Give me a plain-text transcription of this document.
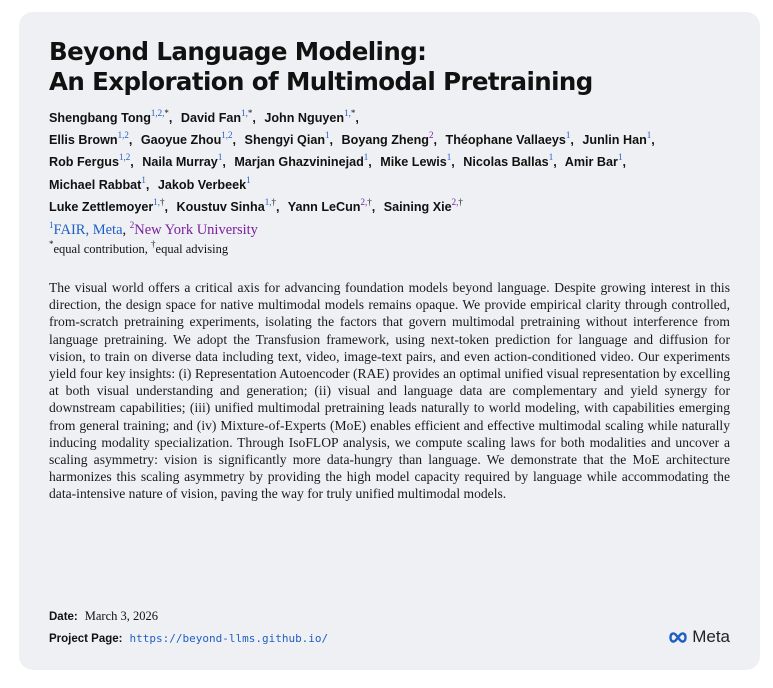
Beyond Language Modeling:
An Exploration of Multimodal Pretraining
Shengbang Tong$^{1,2,*}$, David Fan$^{1,*}$, John Nguyen$^{1,*}$,
Ellis Brown$^{1,2}$, Gaoyue Zhou$^{1,2}$, Shengyi Qian$^1$, Boyang Zheng$^2$, Théophane Vallaeys$^1$, Junlin Han$^1$, Rob Fergus$^{1,2}$, Naila Murray$^1$, Marjan Ghazvininejad$^1$, Mike Lewis$^1$, Nicolas Ballas$^1$, Amir Bar$^1$, Michael Rabbat$^1$, Jakob Verbeek$^1$
Luke Zettlemoyer$^{1,\dagger}$, Koustuv Sinha$^{1,\dagger}$, Yann LeCun$^{2,\dagger}$, Saining Xie$^{2,\dagger}$
$^1$FAIR, Meta, $^2$New York University
*equal contribution, †equal advising

The visual world offers a critical axis for advancing foundation models beyond language. Despite growing interest in this direction, the design space for native multimodal models remains opaque. We provide empirical clarity through controlled, from-scratch pretraining experiments, isolating the factors that govern multimodal pretraining without interference from language pretraining. We adopt the Transfusion framework, using next-token prediction for language and diffusion for vision, to train on diverse data including text, video, image-text pairs, and even action-conditioned video. Our experiments yield four key insights: (i) Representation Autoencoder (RAE) provides an optimal unified visual representation by excelling at both visual understanding and generation; (ii) visual and language data are complementary and yield synergy for downstream capabilities; (iii) unified multimodal pretraining leads naturally to world modeling, with capabilities emerging from general training; and (iv) Mixture-of-Experts (MoE) enables efficient and effective multimodal scaling while naturally inducing modality specialization. Through IsoFLOP analysis, we compute scaling laws for both modalities and uncover a scaling asymmetry: vision is significantly more data-hungry than language. We demonstrate that the MoE architecture harmonizes this scaling asymmetry by providing the high model capacity required by language while accommodating the data-intensive nature of vision, paving the way for truly unified multimodal models.

Date: March 3, 2026
Project Page: https://beyond-llms.github.io/	Meta
